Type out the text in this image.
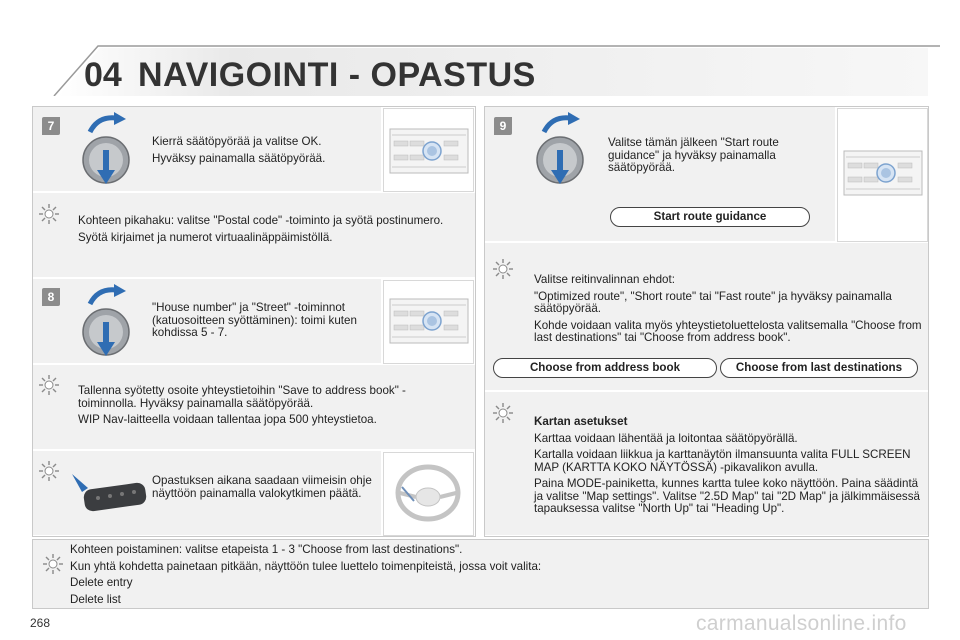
04 NAVIGOINTI - OPASTUS
7

Kierrä säätöpyörää ja valitse OK.

Hyväksy painamalla säätöpyörää.

Kohteen pikahaku: valitse "Postal code" -toiminto ja syötä postinumero.

Syötä kirjaimet ja numerot virtuaalinäppäimistöllä.

8

"House number" ja "Street" -toiminnot (katuosoitteen syöttäminen): toimi kuten kohdissa 5 - 7.

Tallenna syötetty osoite yhteystietoihin "Save to address book" -toiminnolla. Hyväksy painamalla säätöpyörää.

WIP Nav-laitteella voidaan tallentaa jopa 500 yhteystietoa.

Opastuksen aikana saadaan viimeisin ohje näyttöön painamalla valokytkimen päätä.

9

Valitse tämän jälkeen "Start route guidance" ja hyväksy painamalla säätöpyörää.

Start route guidance

Valitse reitinvalinnan ehdot:

"Optimized route", "Short route" tai "Fast route" ja hyväksy painamalla säätöpyörää.

Kohde voidaan valita myös yhteystietoluettelosta valitsemalla "Choose from last destinations" tai "Choose from address book".

Choose from address book	Choose from last destinations

Kartan asetukset

Karttaa voidaan lähentää ja loitontaa säätöpyörällä.

Kartalla voidaan liikkua ja karttanäytön ilmansuunta valita FULL SCREEN MAP (KARTTA KOKO NÄYTÖSSÄ) -pikavalikon avulla.

Paina MODE-painiketta, kunnes kartta tulee koko näyttöön. Paina säädintä ja valitse "Map settings". Valitse "2.5D Map" tai "2D Map" ja jälkimmäisessä tapauksessa valitse "North Up" tai "Heading Up".

Kohteen poistaminen: valitse etapeista 1 - 3 "Choose from last destinations".

Kun yhtä kohdetta painetaan pitkään, näyttöön tulee luettelo toimenpiteistä, jossa voit valita:

Delete entry

Delete list

268	carmanualsonline.info
